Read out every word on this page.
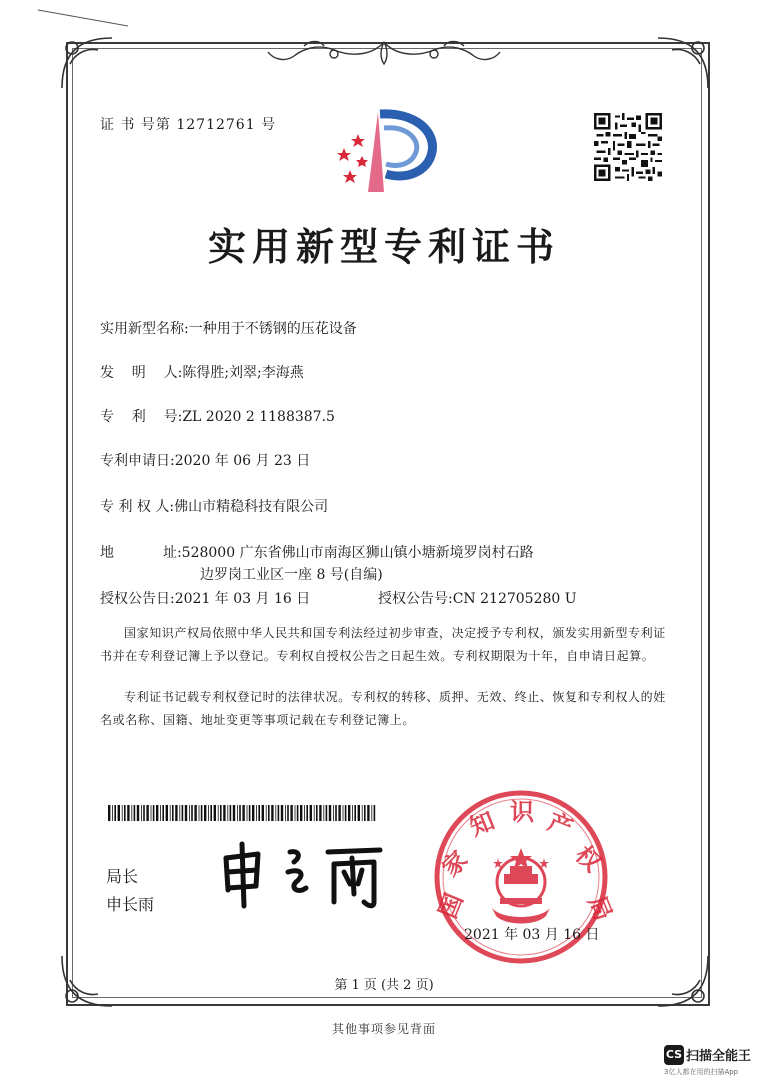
证 书 号第 12712761 号
实用新型专利证书
实用新型名称:一种用于不锈钢的压花设备
发    明    人:陈得胜;刘翠;李海燕
专    利    号:ZL 2020 2 1188387.5
专利申请日:2020 年 06 月 23 日
专 利 权 人:佛山市精稳科技有限公司
地           址:528000 广东省佛山市南海区狮山镇小塘新境罗岗村石路
边罗岗工业区一座 8 号(自编)
授权公告日:2021 年 03 月 16 日	授权公告号:CN 212705280 U
国家知识产权局依照中华人民共和国专利法经过初步审查，决定授予专利权，颁发实用新型专利证书并在专利登记簿上予以登记。专利权自授权公告之日起生效。专利权期限为十年，自申请日起算。
专利证书记载专利权登记时的法律状况。专利权的转移、质押、无效、终止、恢复和专利权人的姓名或名称、国籍、地址变更等事项记载在专利登记簿上。
局长
申长雨	国
家
知 识 产
权
局
2021 年 03 月 16 日
第 1 页 (共 2 页)
其他事项参见背面
CS 扫描全能王
3亿人都在用的扫描App
